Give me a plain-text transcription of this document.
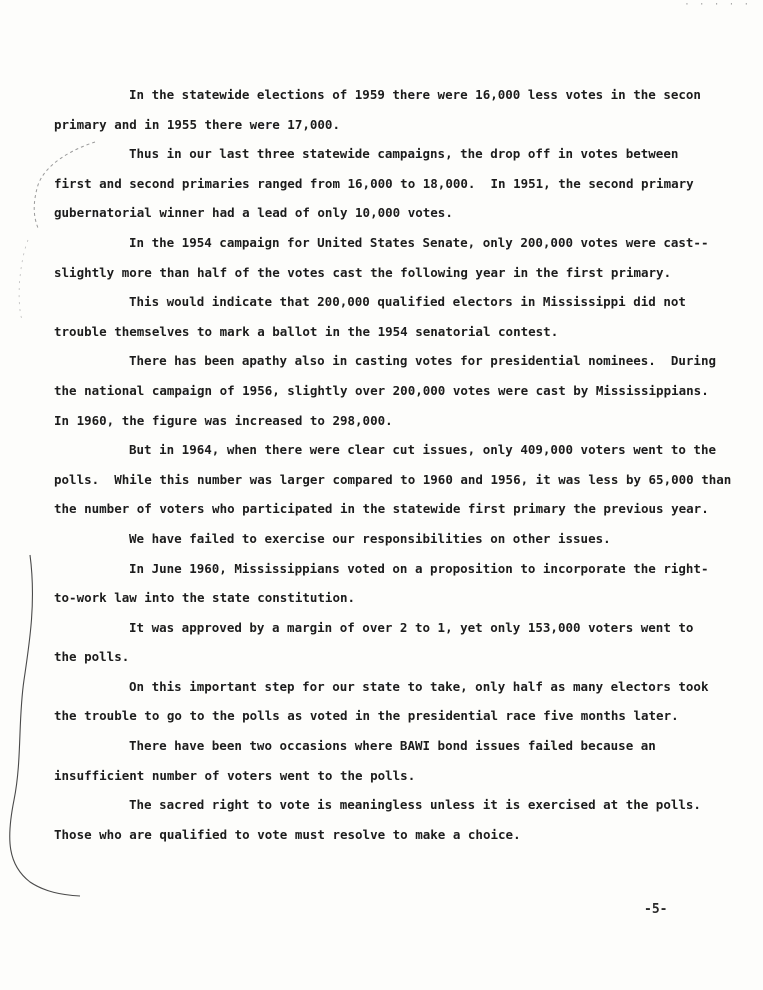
· · · · ·
In the statewide elections of 1959 there were 16,000 less votes in the secon
primary and in 1955 there were 17,000.
Thus in our last three statewide campaigns, the drop off in votes between
first and second primaries ranged from 16,000 to 18,000.  In 1951, the second primary
gubernatorial winner had a lead of only 10,000 votes.
In the 1954 campaign for United States Senate, only 200,000 votes were cast--
slightly more than half of the votes cast the following year in the first primary.
This would indicate that 200,000 qualified electors in Mississippi did not
trouble themselves to mark a ballot in the 1954 senatorial contest.
There has been apathy also in casting votes for presidential nominees.  During
the national campaign of 1956, slightly over 200,000 votes were cast by Mississippians.
In 1960, the figure was increased to 298,000.
But in 1964, when there were clear cut issues, only 409,000 voters went to the
polls.  While this number was larger compared to 1960 and 1956, it was less by 65,000 than
the number of voters who participated in the statewide first primary the previous year.
We have failed to exercise our responsibilities on other issues.
In June 1960, Mississippians voted on a proposition to incorporate the right-
to-work law into the state constitution.
It was approved by a margin of over 2 to 1, yet only 153,000 voters went to
the polls.
On this important step for our state to take, only half as many electors took
the trouble to go to the polls as voted in the presidential race five months later.
There have been two occasions where BAWI bond issues failed because an
insufficient number of voters went to the polls.
The sacred right to vote is meaningless unless it is exercised at the polls.
Those who are qualified to vote must resolve to make a choice.
-5-
